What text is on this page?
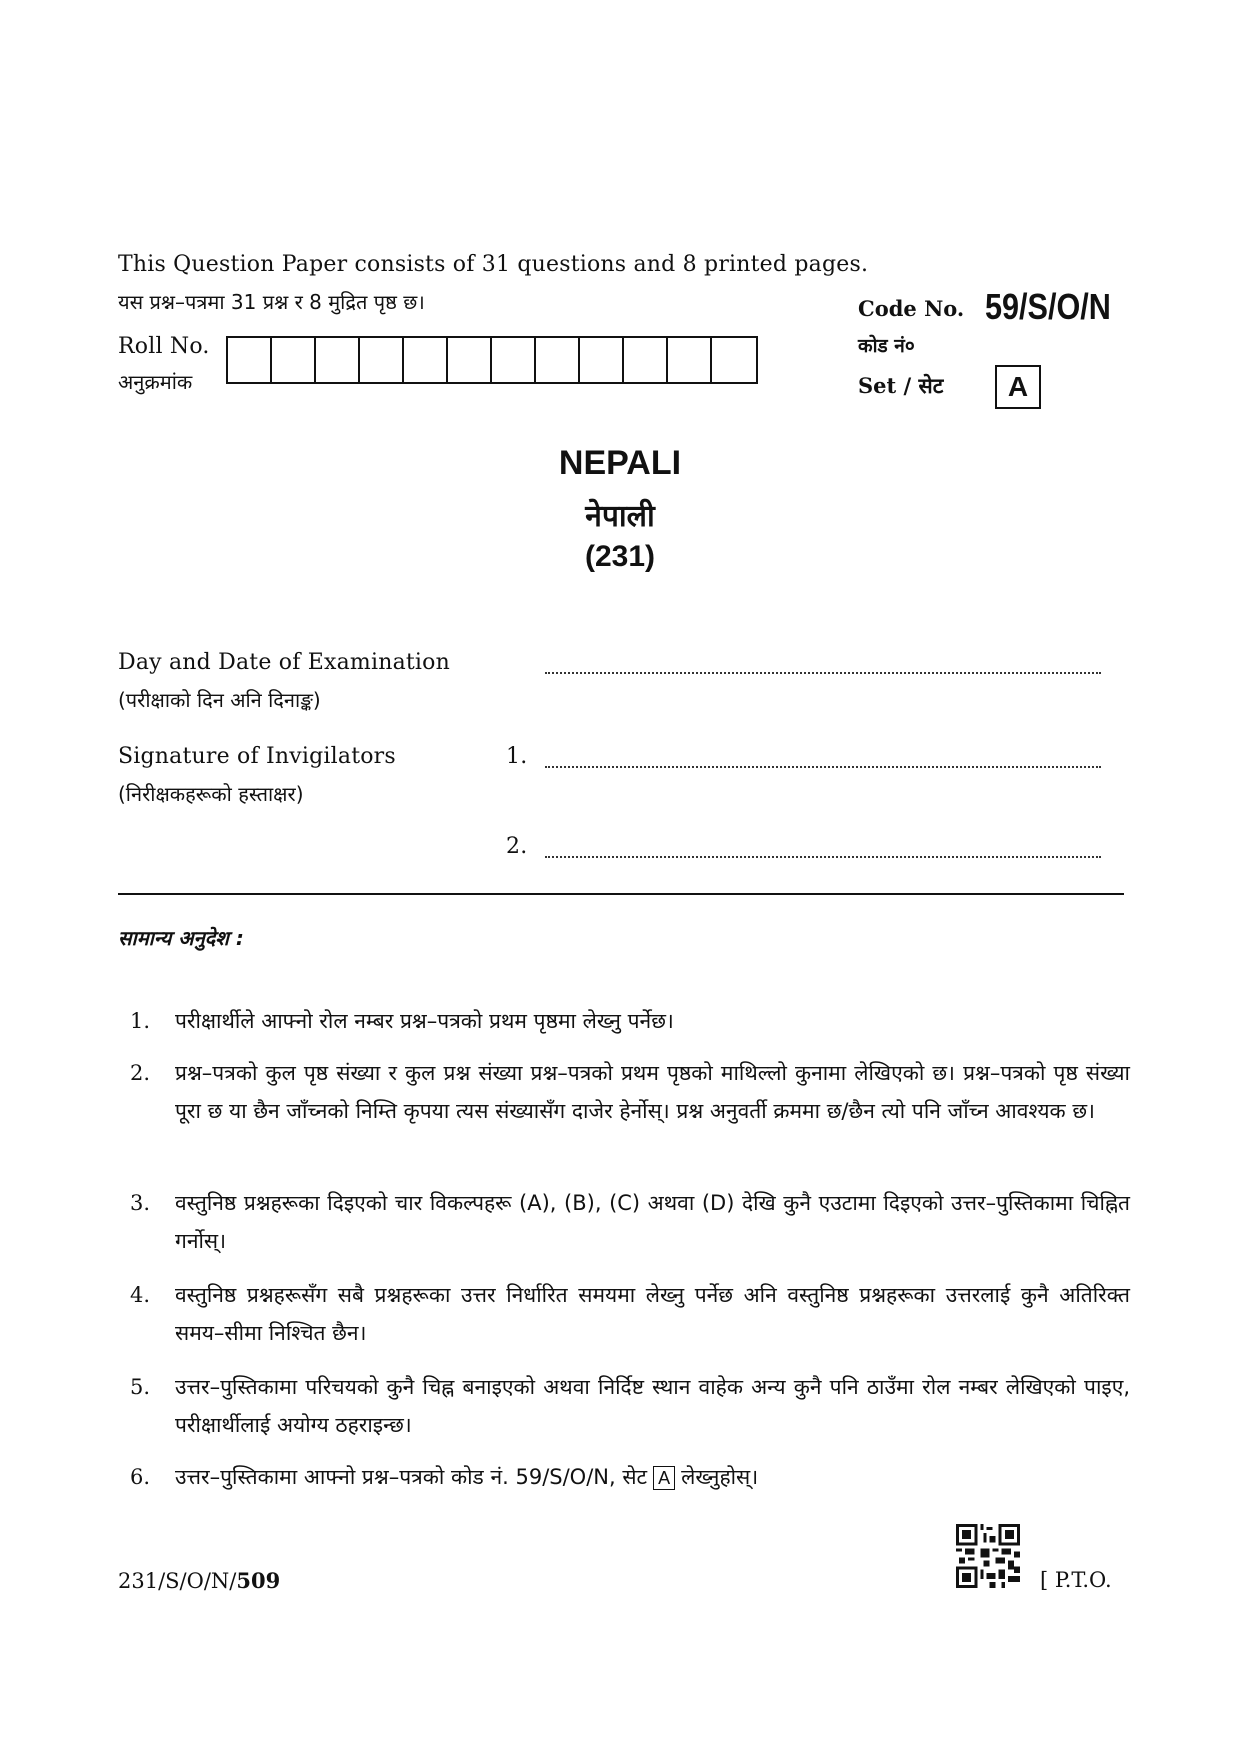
This Question Paper consists of 31 questions and 8 printed pages.
यस प्रश्न–पत्रमा 31 प्रश्न र 8 मुद्रित पृष्ठ छ।
Roll No.
अनुक्रमांक
Code No. 59/S/O/N
कोड नं०
Set / सेट	A
NEPALI
नेपाली
(231)
Day and Date of Examination
(परीक्षाको दिन अनि दिनाङ्क)
Signature of Invigilators
(निरीक्षकहरूको हस्ताक्षर)
1.
2.
सामान्य अनुदेश :
1.	परीक्षार्थीले आफ्नो रोल नम्बर प्रश्न–पत्रको प्रथम पृष्ठमा लेख्नु पर्नेछ।
2.	प्रश्न–पत्रको कुल पृष्ठ संख्या र कुल प्रश्न संख्या प्रश्न–पत्रको प्रथम पृष्ठको माथिल्लो कुनामा लेखिएको छ। प्रश्न–पत्रको पृष्ठ संख्या पूरा छ या छैन जाँच्नको निम्ति कृपया त्यस संख्यासँग दाजेर हेर्नोस्। प्रश्न अनुवर्ती क्रममा छ/छैन त्यो पनि जाँच्न आवश्यक छ।
3.	वस्तुनिष्ठ प्रश्नहरूका दिइएको चार विकल्पहरू (A), (B), (C) अथवा (D) देखि कुनै एउटामा दिइएको उत्तर–पुस्तिकामा चिह्नित गर्नोस्।
4.	वस्तुनिष्ठ प्रश्नहरूसँग सबै प्रश्नहरूका उत्तर निर्धारित समयमा लेख्नु पर्नेछ अनि वस्तुनिष्ठ प्रश्नहरूका उत्तरलाई कुनै अतिरिक्त समय–सीमा निश्चित छैन।
5.	उत्तर–पुस्तिकामा परिचयको कुनै चिह्न बनाइएको अथवा निर्दिष्ट स्थान वाहेक अन्य कुनै पनि ठाउँमा रोल नम्बर लेखिएको पाइए, परीक्षार्थीलाई अयोग्य ठहराइन्छ।
6.	उत्तर–पुस्तिकामा आफ्नो प्रश्न–पत्रको कोड नं. 59/S/O/N, सेट A लेख्नुहोस्।
231/S/O/N/509	[ P.T.O.
